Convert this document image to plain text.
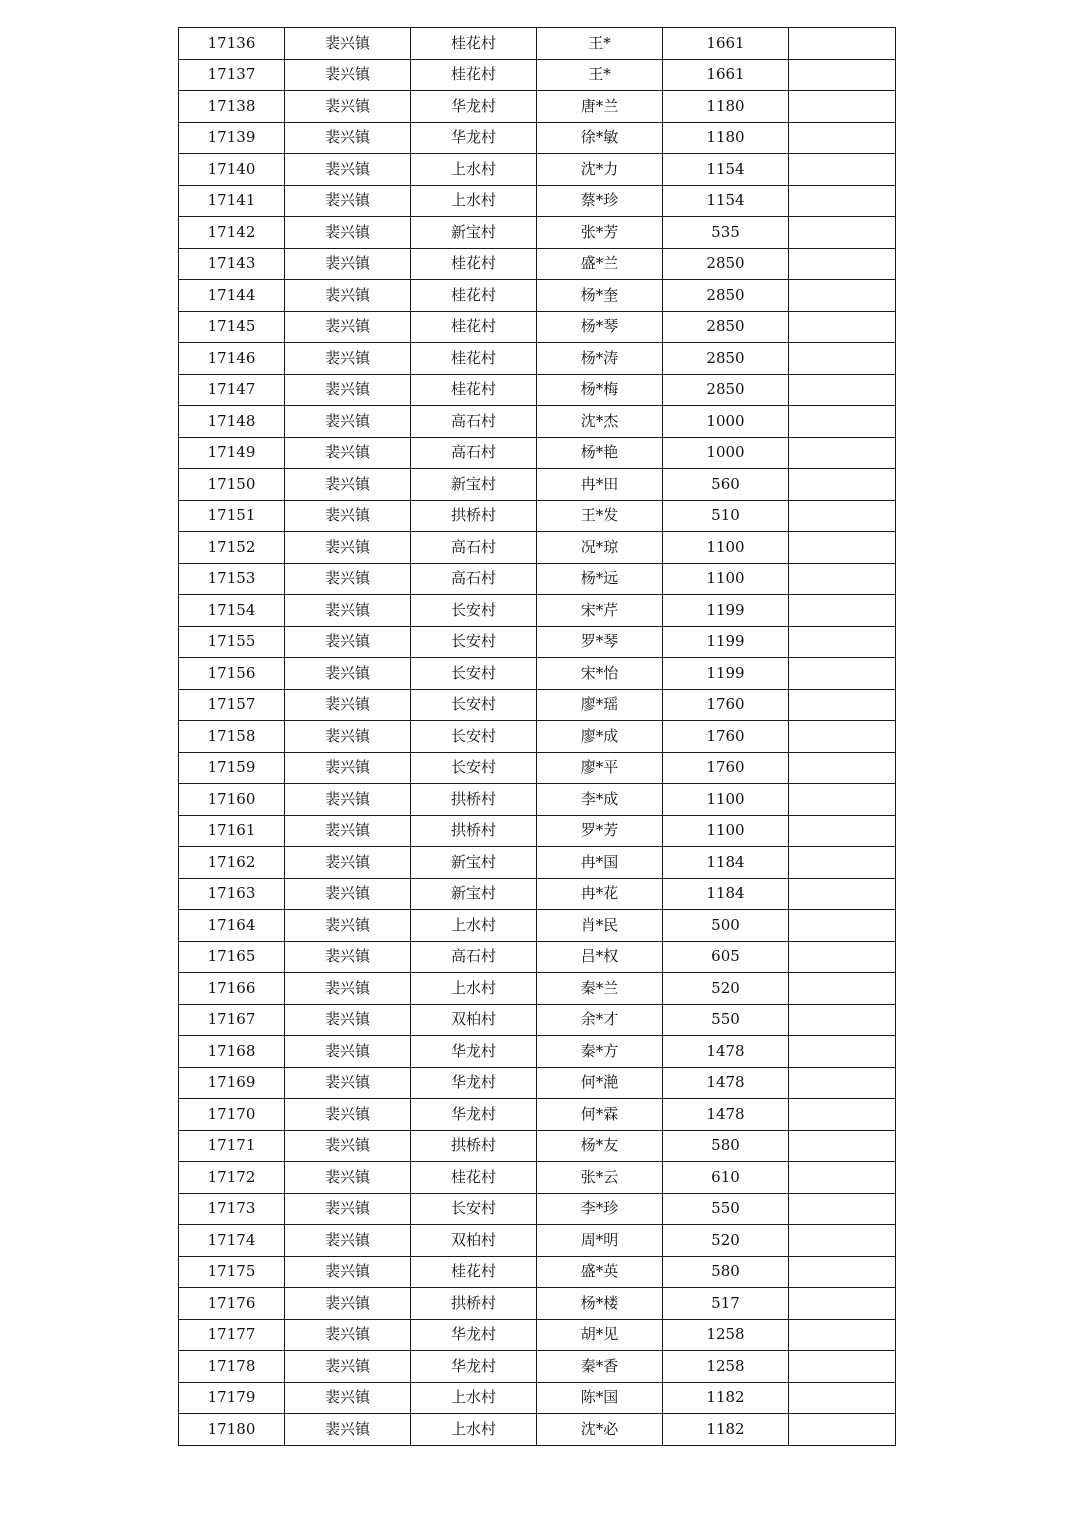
17136	裴兴镇	桂花村	王*	1661	
17137	裴兴镇	桂花村	王*	1661	
17138	裴兴镇	华龙村	唐*兰	1180	
17139	裴兴镇	华龙村	徐*敏	1180	
17140	裴兴镇	上水村	沈*力	1154	
17141	裴兴镇	上水村	蔡*珍	1154	
17142	裴兴镇	新宝村	张*芳	535	
17143	裴兴镇	桂花村	盛*兰	2850	
17144	裴兴镇	桂花村	杨*奎	2850	
17145	裴兴镇	桂花村	杨*琴	2850	
17146	裴兴镇	桂花村	杨*涛	2850	
17147	裴兴镇	桂花村	杨*梅	2850	
17148	裴兴镇	高石村	沈*杰	1000	
17149	裴兴镇	高石村	杨*艳	1000	
17150	裴兴镇	新宝村	冉*田	560	
17151	裴兴镇	拱桥村	王*发	510	
17152	裴兴镇	高石村	况*琼	1100	
17153	裴兴镇	高石村	杨*远	1100	
17154	裴兴镇	长安村	宋*芹	1199	
17155	裴兴镇	长安村	罗*琴	1199	
17156	裴兴镇	长安村	宋*怡	1199	
17157	裴兴镇	长安村	廖*瑶	1760	
17158	裴兴镇	长安村	廖*成	1760	
17159	裴兴镇	长安村	廖*平	1760	
17160	裴兴镇	拱桥村	李*成	1100	
17161	裴兴镇	拱桥村	罗*芳	1100	
17162	裴兴镇	新宝村	冉*国	1184	
17163	裴兴镇	新宝村	冉*花	1184	
17164	裴兴镇	上水村	肖*民	500	
17165	裴兴镇	高石村	吕*权	605	
17166	裴兴镇	上水村	秦*兰	520	
17167	裴兴镇	双柏村	余*才	550	
17168	裴兴镇	华龙村	秦*方	1478	
17169	裴兴镇	华龙村	何*滟	1478	
17170	裴兴镇	华龙村	何*霖	1478	
17171	裴兴镇	拱桥村	杨*友	580	
17172	裴兴镇	桂花村	张*云	610	
17173	裴兴镇	长安村	李*珍	550	
17174	裴兴镇	双柏村	周*明	520	
17175	裴兴镇	桂花村	盛*英	580	
17176	裴兴镇	拱桥村	杨*楼	517	
17177	裴兴镇	华龙村	胡*见	1258	
17178	裴兴镇	华龙村	秦*香	1258	
17179	裴兴镇	上水村	陈*国	1182	
17180	裴兴镇	上水村	沈*必	1182	
